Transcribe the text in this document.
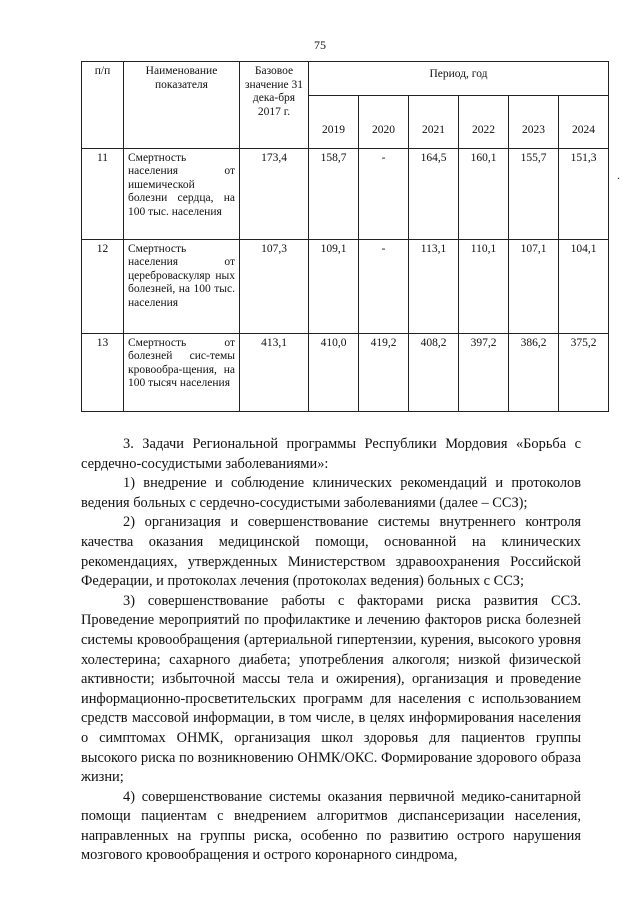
75
.
п/п	Наименование показателя	Базовое значение 31 дека-бря 2017 г.	Период, год					
			2019	2020	2021	2022	2023	2024
11	Смертность населения от ишемической болезни сердца, на 100 тыс. населения	173,4	158,7	-	164,5	160,1	155,7	151,3
12	Смертность населения от цереброваскуляр ных болезней, на 100 тыс. населения	107,3	109,1	-	113,1	110,1	107,1	104,1
13	Смертность от болезней сис-темы кровообра-щения, на 100 тысяч населения	413,1	410,0	419,2	408,2	397,2	386,2	375,2

3. Задачи Региональной программы Республики Мордовия «Борьба с сердечно-сосудистыми заболеваниями»:

1) внедрение и соблюдение клинических рекомендаций и протоколов ведения больных с сердечно-сосудистыми заболеваниями (далее – ССЗ);

2) организация и совершенствование системы внутреннего контроля качества оказания медицинской помощи, основанной на клинических рекомендациях, утвержденных Министерством здравоохранения Российской Федерации, и протоколах лечения (протоколах ведения) больных с ССЗ;

3) совершенствование работы с факторами риска развития ССЗ. Проведение мероприятий по профилактике и лечению факторов риска болезней системы кровообращения (артериальной гипертензии, курения, высокого уровня холестерина; сахарного диабета; употребления алкоголя; низкой физической активности; избыточной массы тела и ожирения), организация и проведение информационно-просветительских программ для населения с использованием средств массовой информации, в том числе, в целях информирования населения о симптомах ОНМК, организация школ здоровья для пациентов группы высокого риска по возникновению ОНМК/ОКС. Формирование здорового образа жизни;

4) совершенствование системы оказания первичной медико-санитарной помощи пациентам с внедрением алгоритмов диспансеризации населения, направленных на группы риска, особенно по развитию острого нарушения мозгового кровообращения и острого коронарного синдрома,
